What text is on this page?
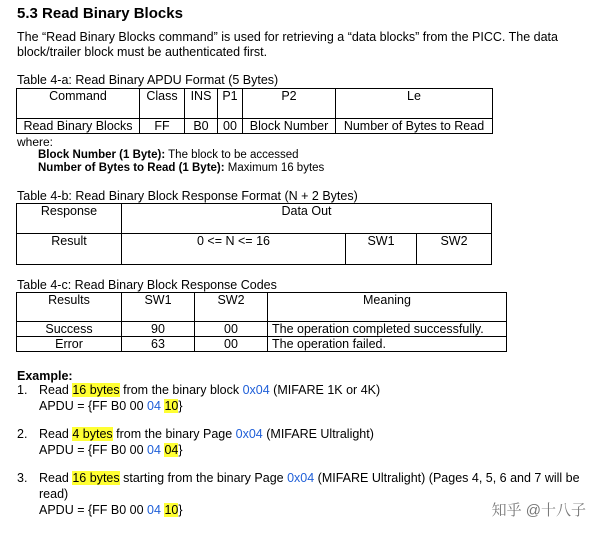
5.3 Read Binary Blocks
The “Read Binary Blocks command” is used for retrieving a “data blocks” from the PICC. The data block/trailer block must be authenticated first.
Table 4-a: Read Binary APDU Format (5 Bytes)
Command	Class	INS	P1	P2	Le
Read Binary Blocks	FF	B0	00	Block Number	Number of Bytes to Read
where:
Block Number (1 Byte): The block to be accessed
Number of Bytes to Read (1 Byte): Maximum 16 bytes
Table 4-b: Read Binary Block Response Format (N + 2 Bytes)
Response	Data Out		
Result	0 <= N <= 16	SW1	SW2
Table 4-c: Read Binary Block Response Codes
Results	SW1	SW2	Meaning
Success	90	00	The operation completed successfully.
Error	63	00	The operation failed.
Example:
1. Read 16 bytes from the binary block 0x04 (MIFARE 1K or 4K)
APDU = {FF B0 00 04 10}
2. Read 4 bytes from the binary Page 0x04 (MIFARE Ultralight)
APDU = {FF B0 00 04 04}
3. Read 16 bytes starting from the binary Page 0x04 (MIFARE Ultralight) (Pages 4, 5, 6 and 7 will be read)
APDU = {FF B0 00 04 10}	知乎 @十八子
